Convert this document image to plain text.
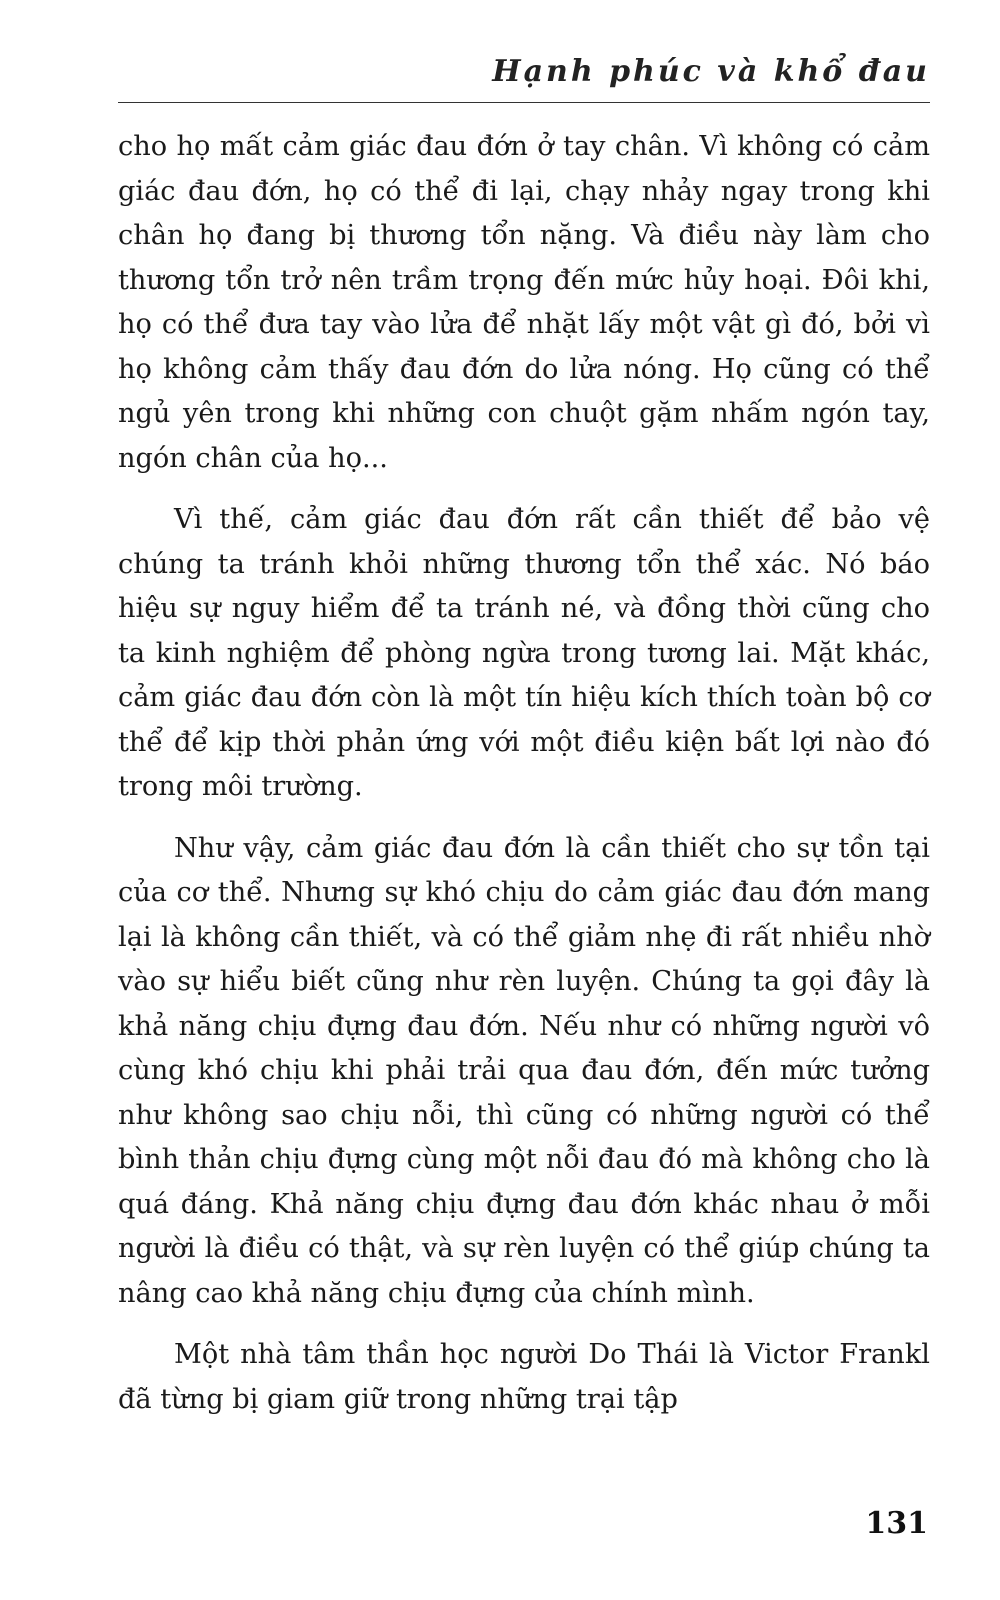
Hạnh phúc và khổ đau

cho họ mất cảm giác đau đớn ở tay chân. Vì không có cảm giác đau đớn, họ có thể đi lại, chạy nhảy ngay trong khi chân họ đang bị thương tổn nặng. Và điều này làm cho thương tổn trở nên trầm trọng đến mức hủy hoại. Đôi khi, họ có thể đưa tay vào lửa để nhặt lấy một vật gì đó, bởi vì họ không cảm thấy đau đớn do lửa nóng. Họ cũng có thể ngủ yên trong khi những con chuột gặm nhấm ngón tay, ngón chân của họ...

Vì thế, cảm giác đau đớn rất cần thiết để bảo vệ chúng ta tránh khỏi những thương tổn thể xác. Nó báo hiệu sự nguy hiểm để ta tránh né, và đồng thời cũng cho ta kinh nghiệm để phòng ngừa trong tương lai. Mặt khác, cảm giác đau đớn còn là một tín hiệu kích thích toàn bộ cơ thể để kịp thời phản ứng với một điều kiện bất lợi nào đó trong môi trường.

Như vậy, cảm giác đau đớn là cần thiết cho sự tồn tại của cơ thể. Nhưng sự khó chịu do cảm giác đau đớn mang lại là không cần thiết, và có thể giảm nhẹ đi rất nhiều nhờ vào sự hiểu biết cũng như rèn luyện. Chúng ta gọi đây là khả năng chịu đựng đau đớn. Nếu như có những người vô cùng khó chịu khi phải trải qua đau đớn, đến mức tưởng như không sao chịu nỗi, thì cũng có những người có thể bình thản chịu đựng cùng một nỗi đau đó mà không cho là quá đáng. Khả năng chịu đựng đau đớn khác nhau ở mỗi người là điều có thật, và sự rèn luyện có thể giúp chúng ta nâng cao khả năng chịu đựng của chính mình.

Một nhà tâm thần học người Do Thái là Victor Frankl đã từng bị giam giữ trong những trại tập

131
